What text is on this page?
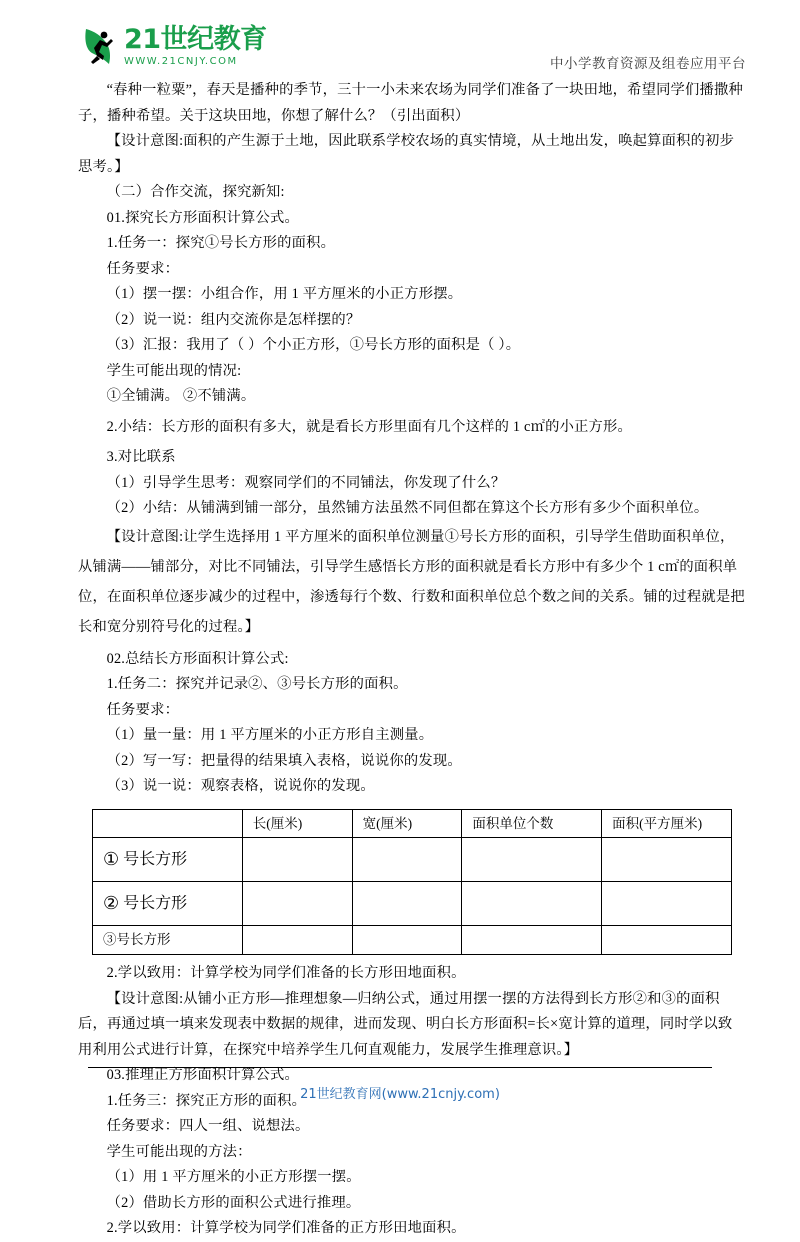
21世纪教育
WWW.21CNJY.COM	中小学教育资源及组卷应用平台

“春种一粒粟”，春天是播种的季节，三十一小未来农场为同学们准备了一块田地，希望同学们播撒种子，播种希望。关于这块田地，你想了解什么？（引出面积）

【设计意图:面积的产生源于土地，因此联系学校农场的真实情境，从土地出发，唤起算面积的初步思考。】

（二）合作交流，探究新知:

01.探究长方形面积计算公式。

1.任务一：探究①号长方形的面积。

任务要求：

（1）摆一摆：小组合作，用 1 平方厘米的小正方形摆。

（2）说一说：组内交流你是怎样摆的？

（3）汇报：我用了（ ）个小正方形，①号长方形的面积是（ ）。

学生可能出现的情况:

①全铺满。 ②不铺满。

2.小结：长方形的面积有多大，就是看长方形里面有几个这样的 1 c㎡的小正方形。

3.对比联系

（1）引导学生思考：观察同学们的不同铺法，你发现了什么？

（2）小结：从铺满到铺一部分，虽然铺方法虽然不同但都在算这个长方形有多少个面积单位。

【设计意图:让学生选择用 1 平方厘米的面积单位测量①号长方形的面积，引导学生借助面积单位，从铺满——铺部分，对比不同铺法，引导学生感悟长方形的面积就是看长方形中有多少个 1 c㎡的面积单位，在面积单位逐步减少的过程中，渗透每行个数、行数和面积单位总个数之间的关系。铺的过程就是把长和宽分别符号化的过程。】

02.总结长方形面积计算公式:

1.任务二：探究并记录②、③号长方形的面积。

任务要求：

（1）量一量：用 1 平方厘米的小正方形自主测量。

（2）写一写：把量得的结果填入表格，说说你的发现。

（3）说一说：观察表格，说说你的发现。

	长(厘米)	宽(厘米)	面积单位个数	面积(平方厘米)
① 号长方形				
② 号长方形				
③号长方形				

2.学以致用：计算学校为同学们准备的长方形田地面积。

【设计意图:从铺小正方形—推理想象—归纳公式，通过用摆一摆的方法得到长方形②和③的面积后，再通过填一填来发现表中数据的规律，进而发现、明白长方形面积=长×宽计算的道理，同时学以致用利用公式进行计算，在探究中培养学生几何直观能力，发展学生推理意识。】

03.推理正方形面积计算公式。

1.任务三：探究正方形的面积。

任务要求：四人一组、说想法。

学生可能出现的方法：

（1）用 1 平方厘米的小正方形摆一摆。

（2）借助长方形的面积公式进行推理。

2.学以致用：计算学校为同学们准备的正方形田地面积。

21世纪教育网(www.21cnjy.com)
